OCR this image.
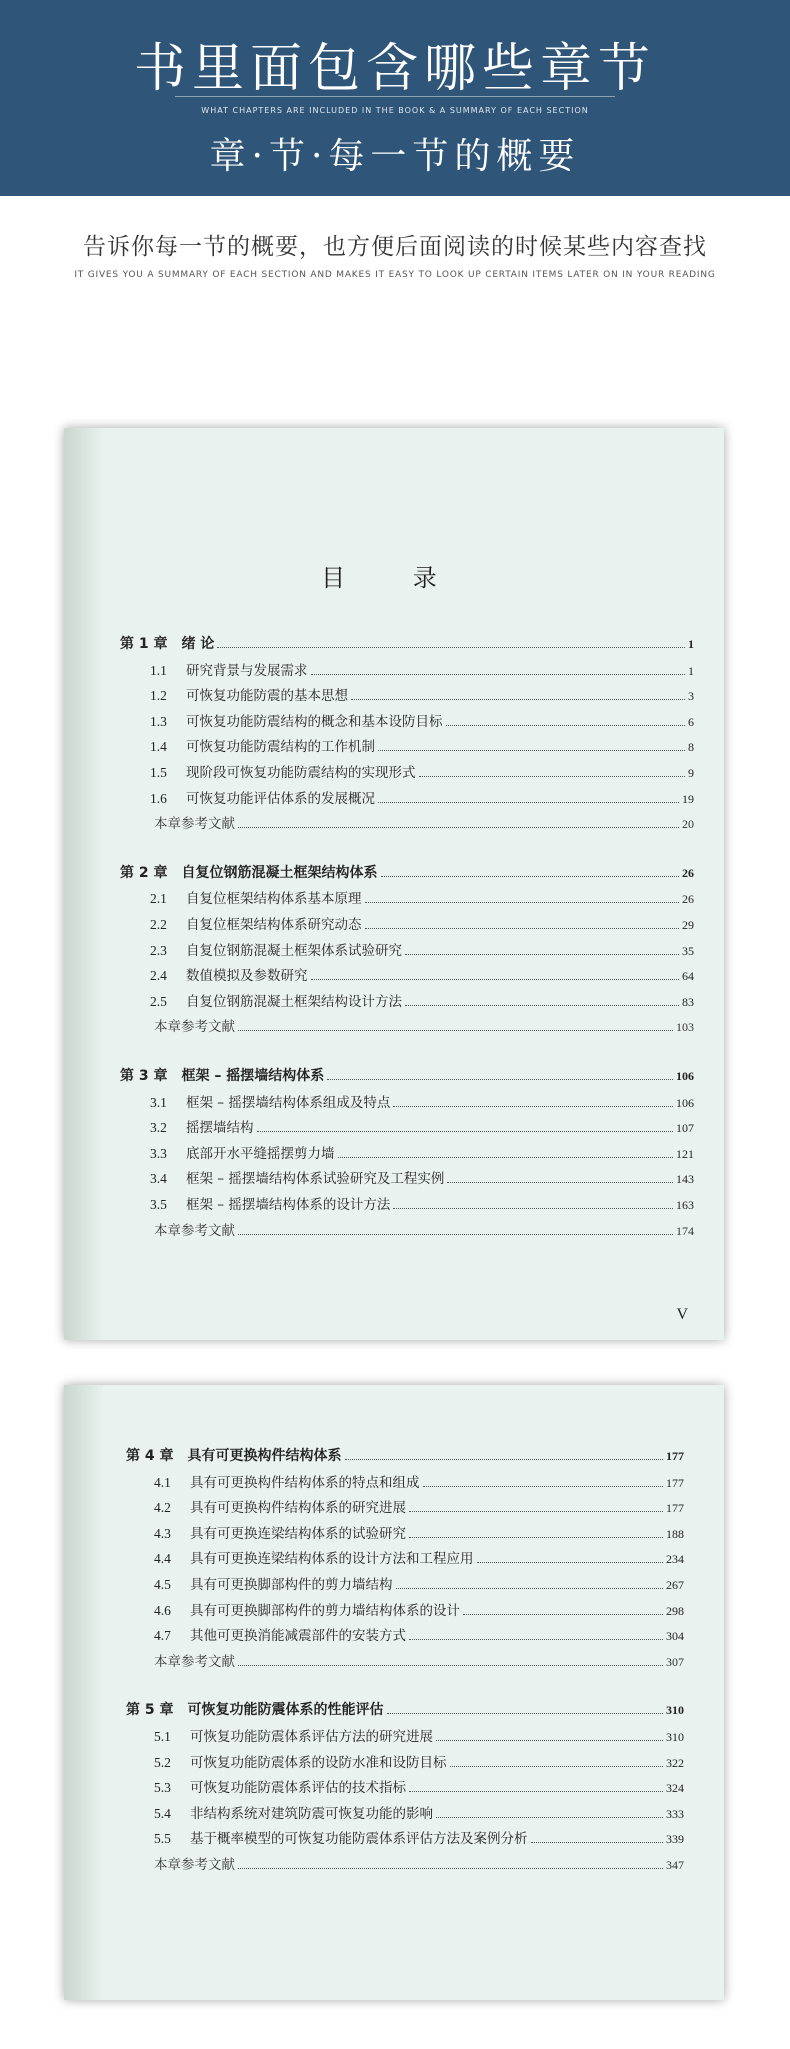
书里面包含哪些章节
WHAT CHAPTERS ARE INCLUDED IN THE BOOK & A SUMMARY OF EACH SECTION
章·节·每一节的概要
告诉你每一节的概要，也方便后面阅读的时候某些内容查找
IT GIVES YOU A SUMMARY OF EACH SECTION AND MAKES IT EASY TO LOOK UP CERTAIN ITEMS LATER ON IN YOUR READING
目 录
V
第 1 章 绪 论	1
1.1 研究背景与发展需求	1
1.2 可恢复功能防震的基本思想	3
1.3 可恢复功能防震结构的概念和基本设防目标	6
1.4 可恢复功能防震结构的工作机制	8
1.5 现阶段可恢复功能防震结构的实现形式	9
1.6 可恢复功能评估体系的发展概况	19
本章参考文献	20
第 2 章 自复位钢筋混凝土框架结构体系	26
2.1 自复位框架结构体系基本原理	26
2.2 自复位框架结构体系研究动态	29
2.3 自复位钢筋混凝土框架体系试验研究	35
2.4 数值模拟及参数研究	64
2.5 自复位钢筋混凝土框架结构设计方法	83
本章参考文献	103
第 3 章 框架 – 摇摆墙结构体系	106
3.1 框架 – 摇摆墙结构体系组成及特点	106
3.2 摇摆墙结构	107
3.3 底部开水平缝摇摆剪力墙	121
3.4 框架 – 摇摆墙结构体系试验研究及工程实例	143
3.5 框架 – 摇摆墙结构体系的设计方法	163
本章参考文献	174
第 4 章 具有可更换构件结构体系	177
4.1 具有可更换构件结构体系的特点和组成	177
4.2 具有可更换构件结构体系的研究进展	177
4.3 具有可更换连梁结构体系的试验研究	188
4.4 具有可更换连梁结构体系的设计方法和工程应用	234
4.5 具有可更换脚部构件的剪力墙结构	267
4.6 具有可更换脚部构件的剪力墙结构体系的设计	298
4.7 其他可更换消能减震部件的安装方式	304
本章参考文献	307
第 5 章 可恢复功能防震体系的性能评估	310
5.1 可恢复功能防震体系评估方法的研究进展	310
5.2 可恢复功能防震体系的设防水准和设防目标	322
5.3 可恢复功能防震体系评估的技术指标	324
5.4 非结构系统对建筑防震可恢复功能的影响	333
5.5 基于概率模型的可恢复功能防震体系评估方法及案例分析	339
本章参考文献	347
